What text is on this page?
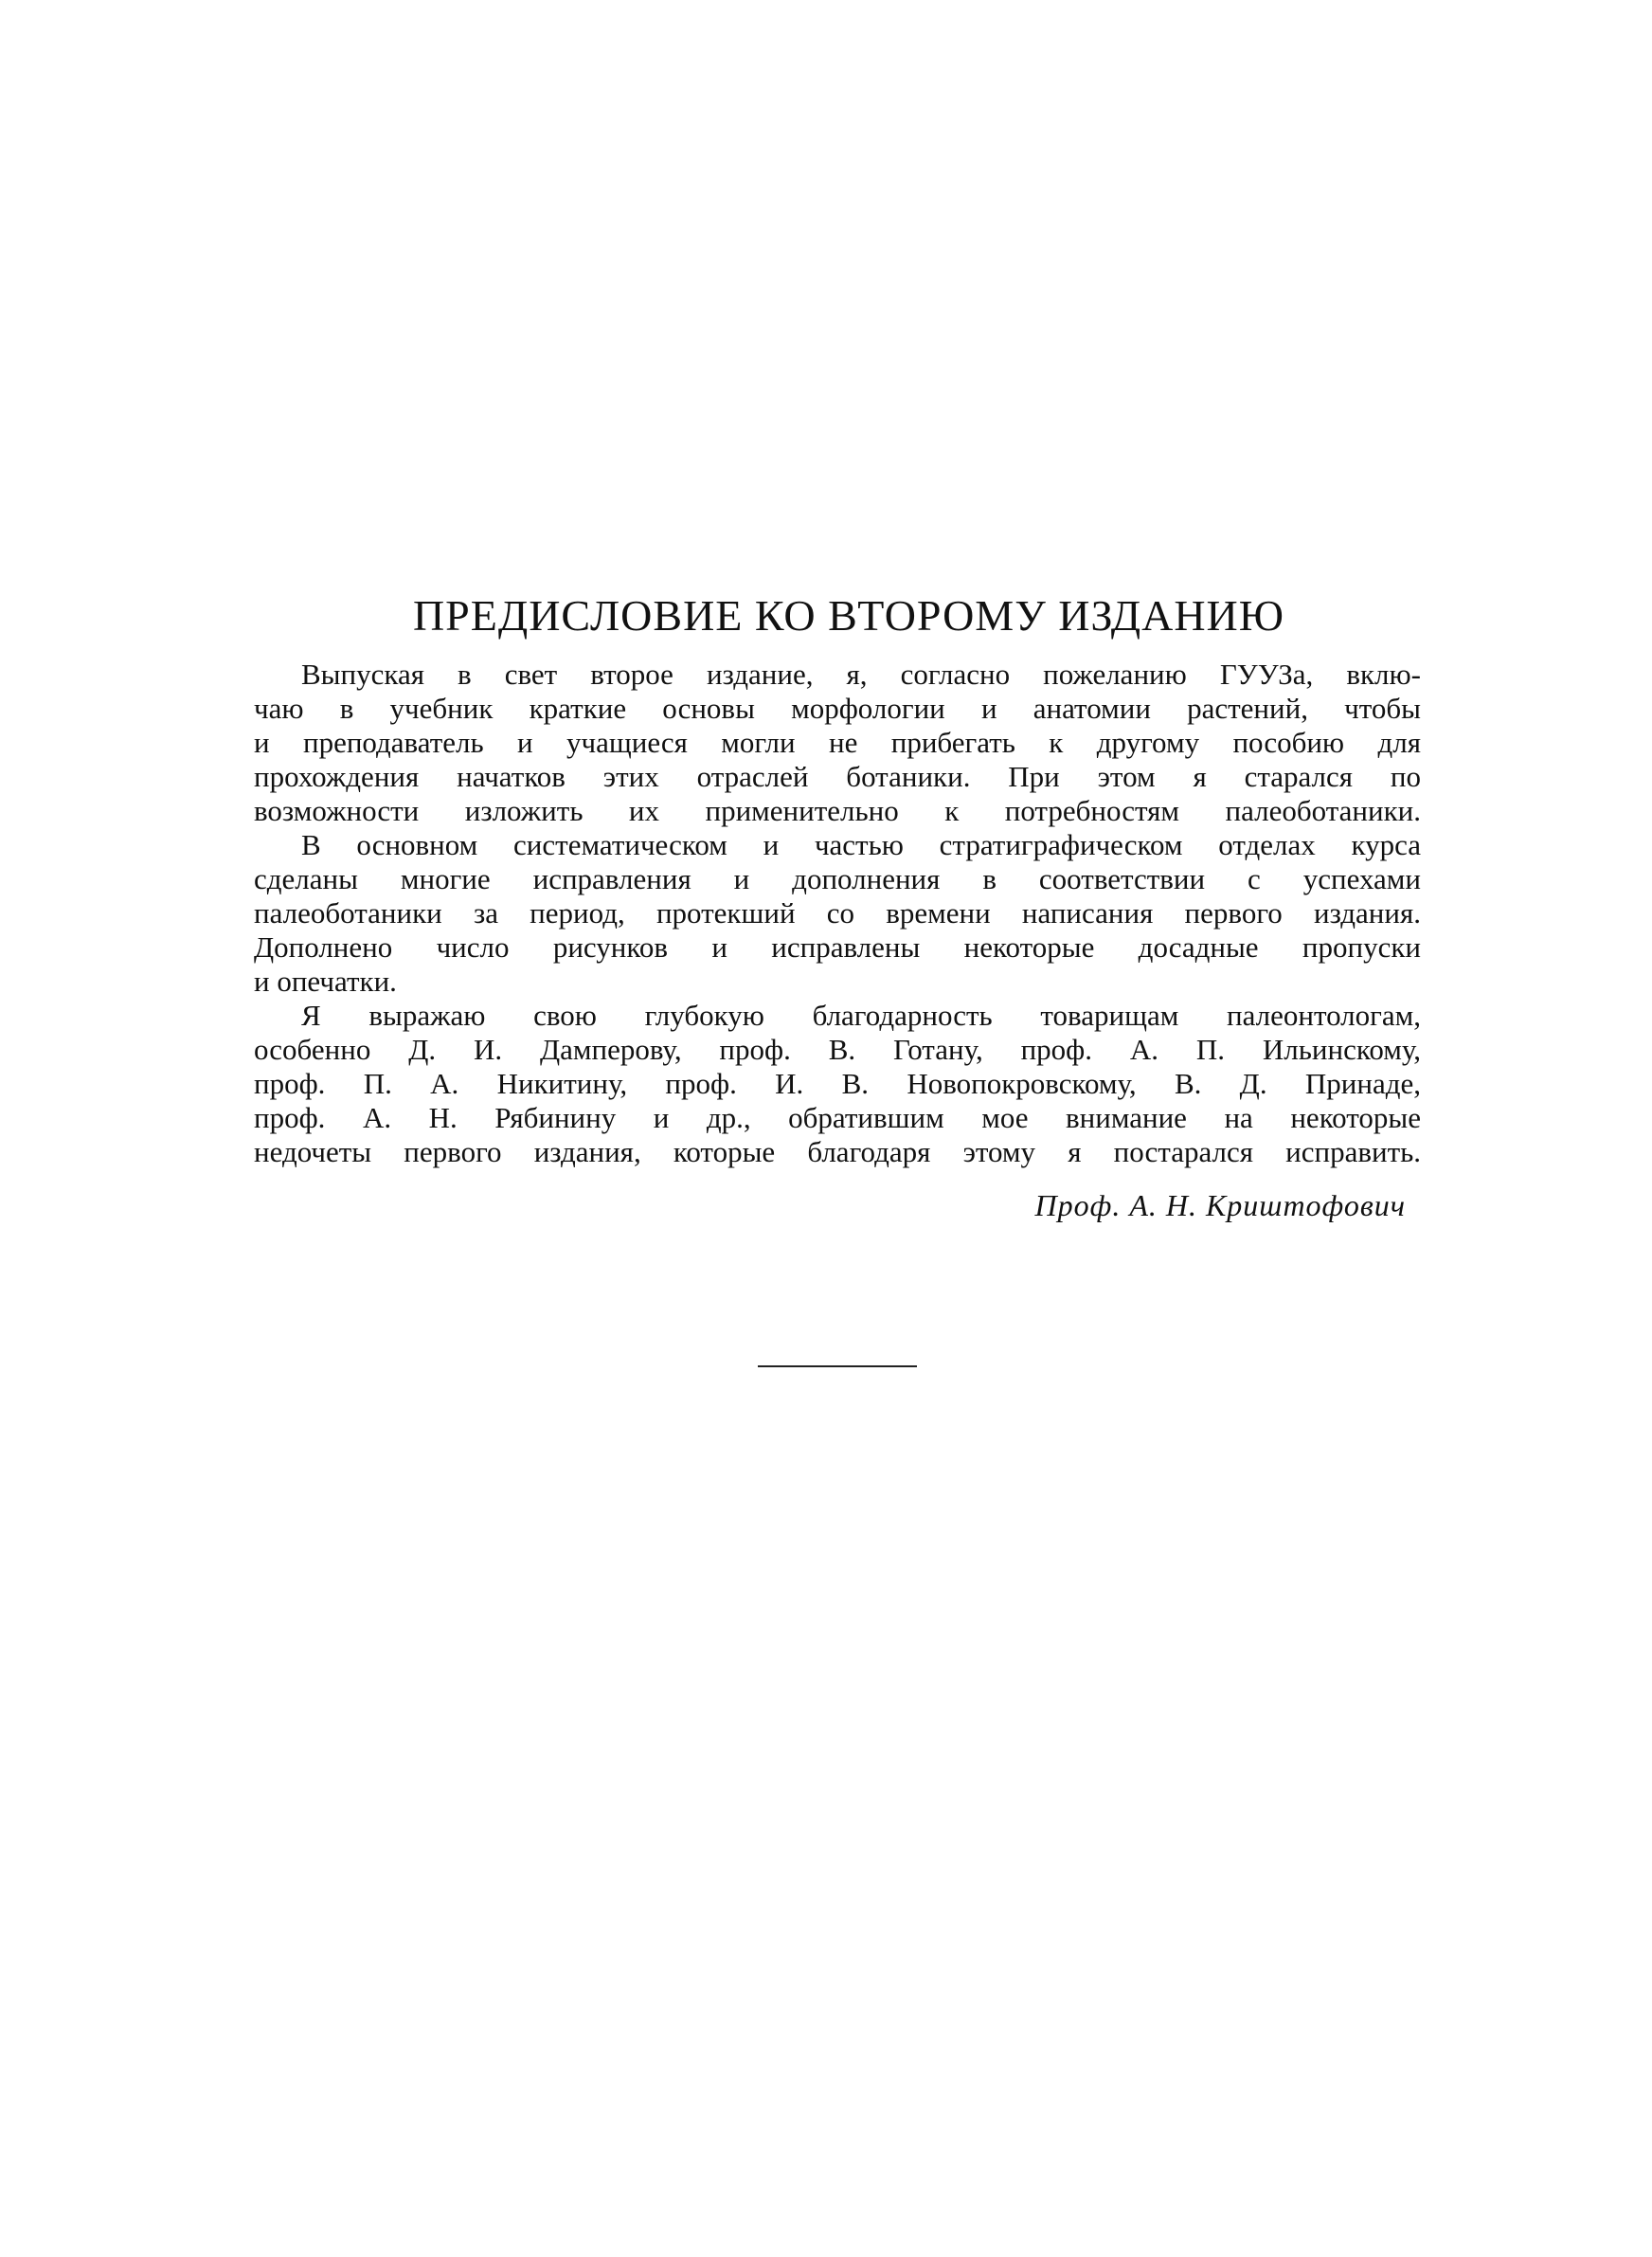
ПРЕДИСЛОВИЕ КО ВТОРОМУ ИЗДАНИЮ

Выпуская в свет второе издание, я, согласно пожеланию ГУУЗа, вклю-
чаю в учебник краткие основы морфологии и анатомии растений, чтобы
и преподаватель и учащиеся могли не прибегать к другому пособию для
прохождения начатков этих отраслей ботаники. При этом я старался по
возможности изложить их применительно к потребностям палеоботаники.

В основном систематическом и частью стратиграфическом отделах курса
сделаны многие исправления и дополнения в соответствии с успехами
палеоботаники за период, протекший со времени написания первого издания.
Дополнено число рисунков и исправлены некоторые досадные пропуски
и опечатки.

Я выражаю свою глубокую благодарность товарищам палеонтологам,
особенно Д. И. Дамперову, проф. В. Готану, проф. А. П. Ильинскому,
проф. П. А. Никитину, проф. И. В. Новопокровскому, В. Д. Принаде,
проф. А. Н. Рябинину и др., обратившим мое внимание на некоторые
недочеты первого издания, которые благодаря этому я постарался исправить.

Проф. А. Н. Криштофович
